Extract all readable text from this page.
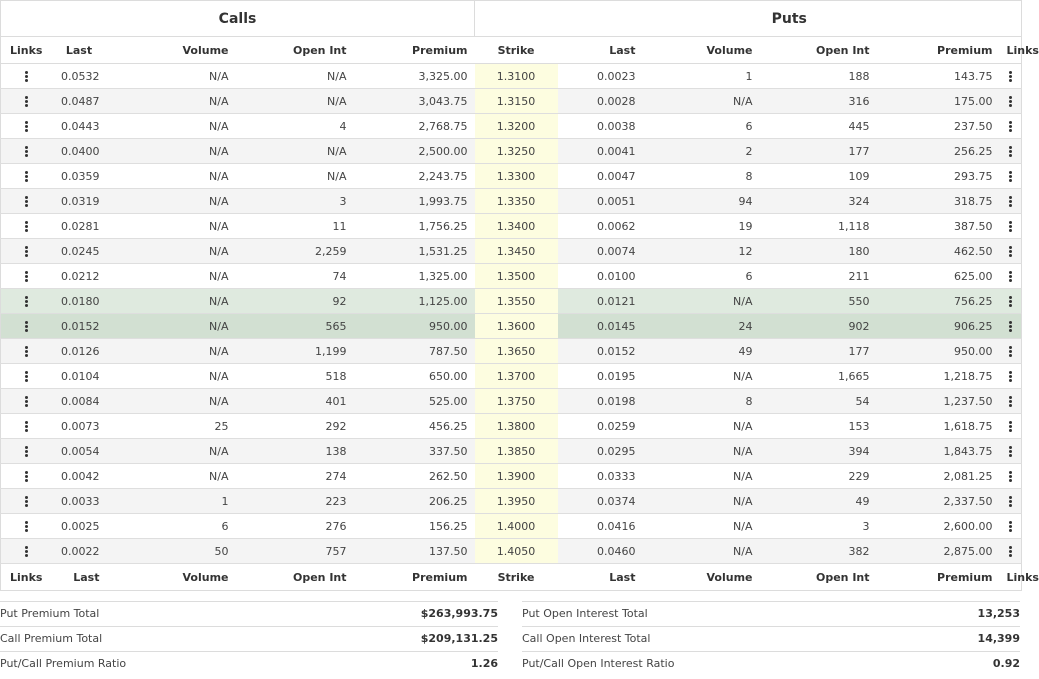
Calls						Puts				
Links	Last	Volume	Open Int	Premium	Strike	Last	Volume	Open Int	Premium	Links
	0.0532	N/A	N/A	3,325.00	1.3100	0.0023	1	188	143.75	
	0.0487	N/A	N/A	3,043.75	1.3150	0.0028	N/A	316	175.00	
	0.0443	N/A	4	2,768.75	1.3200	0.0038	6	445	237.50	
	0.0400	N/A	N/A	2,500.00	1.3250	0.0041	2	177	256.25	
	0.0359	N/A	N/A	2,243.75	1.3300	0.0047	8	109	293.75	
	0.0319	N/A	3	1,993.75	1.3350	0.0051	94	324	318.75	
	0.0281	N/A	11	1,756.25	1.3400	0.0062	19	1,118	387.50	
	0.0245	N/A	2,259	1,531.25	1.3450	0.0074	12	180	462.50	
	0.0212	N/A	74	1,325.00	1.3500	0.0100	6	211	625.00	
	0.0180	N/A	92	1,125.00	1.3550	0.0121	N/A	550	756.25	
	0.0152	N/A	565	950.00	1.3600	0.0145	24	902	906.25	
	0.0126	N/A	1,199	787.50	1.3650	0.0152	49	177	950.00	
	0.0104	N/A	518	650.00	1.3700	0.0195	N/A	1,665	1,218.75	
	0.0084	N/A	401	525.00	1.3750	0.0198	8	54	1,237.50	
	0.0073	25	292	456.25	1.3800	0.0259	N/A	153	1,618.75	
	0.0054	N/A	138	337.50	1.3850	0.0295	N/A	394	1,843.75	
	0.0042	N/A	274	262.50	1.3900	0.0333	N/A	229	2,081.25	
	0.0033	1	223	206.25	1.3950	0.0374	N/A	49	2,337.50	
	0.0025	6	276	156.25	1.4000	0.0416	N/A	3	2,600.00	
	0.0022	50	757	137.50	1.4050	0.0460	N/A	382	2,875.00	
Links	Last	Volume	Open Int	Premium	Strike	Last	Volume	Open Int	Premium	Links
Put Premium Total	$263,993.75
Call Premium Total	$209,131.25
Put/Call Premium Ratio	1.26
Put Open Interest Total	13,253
Call Open Interest Total	14,399
Put/Call Open Interest Ratio	0.92
